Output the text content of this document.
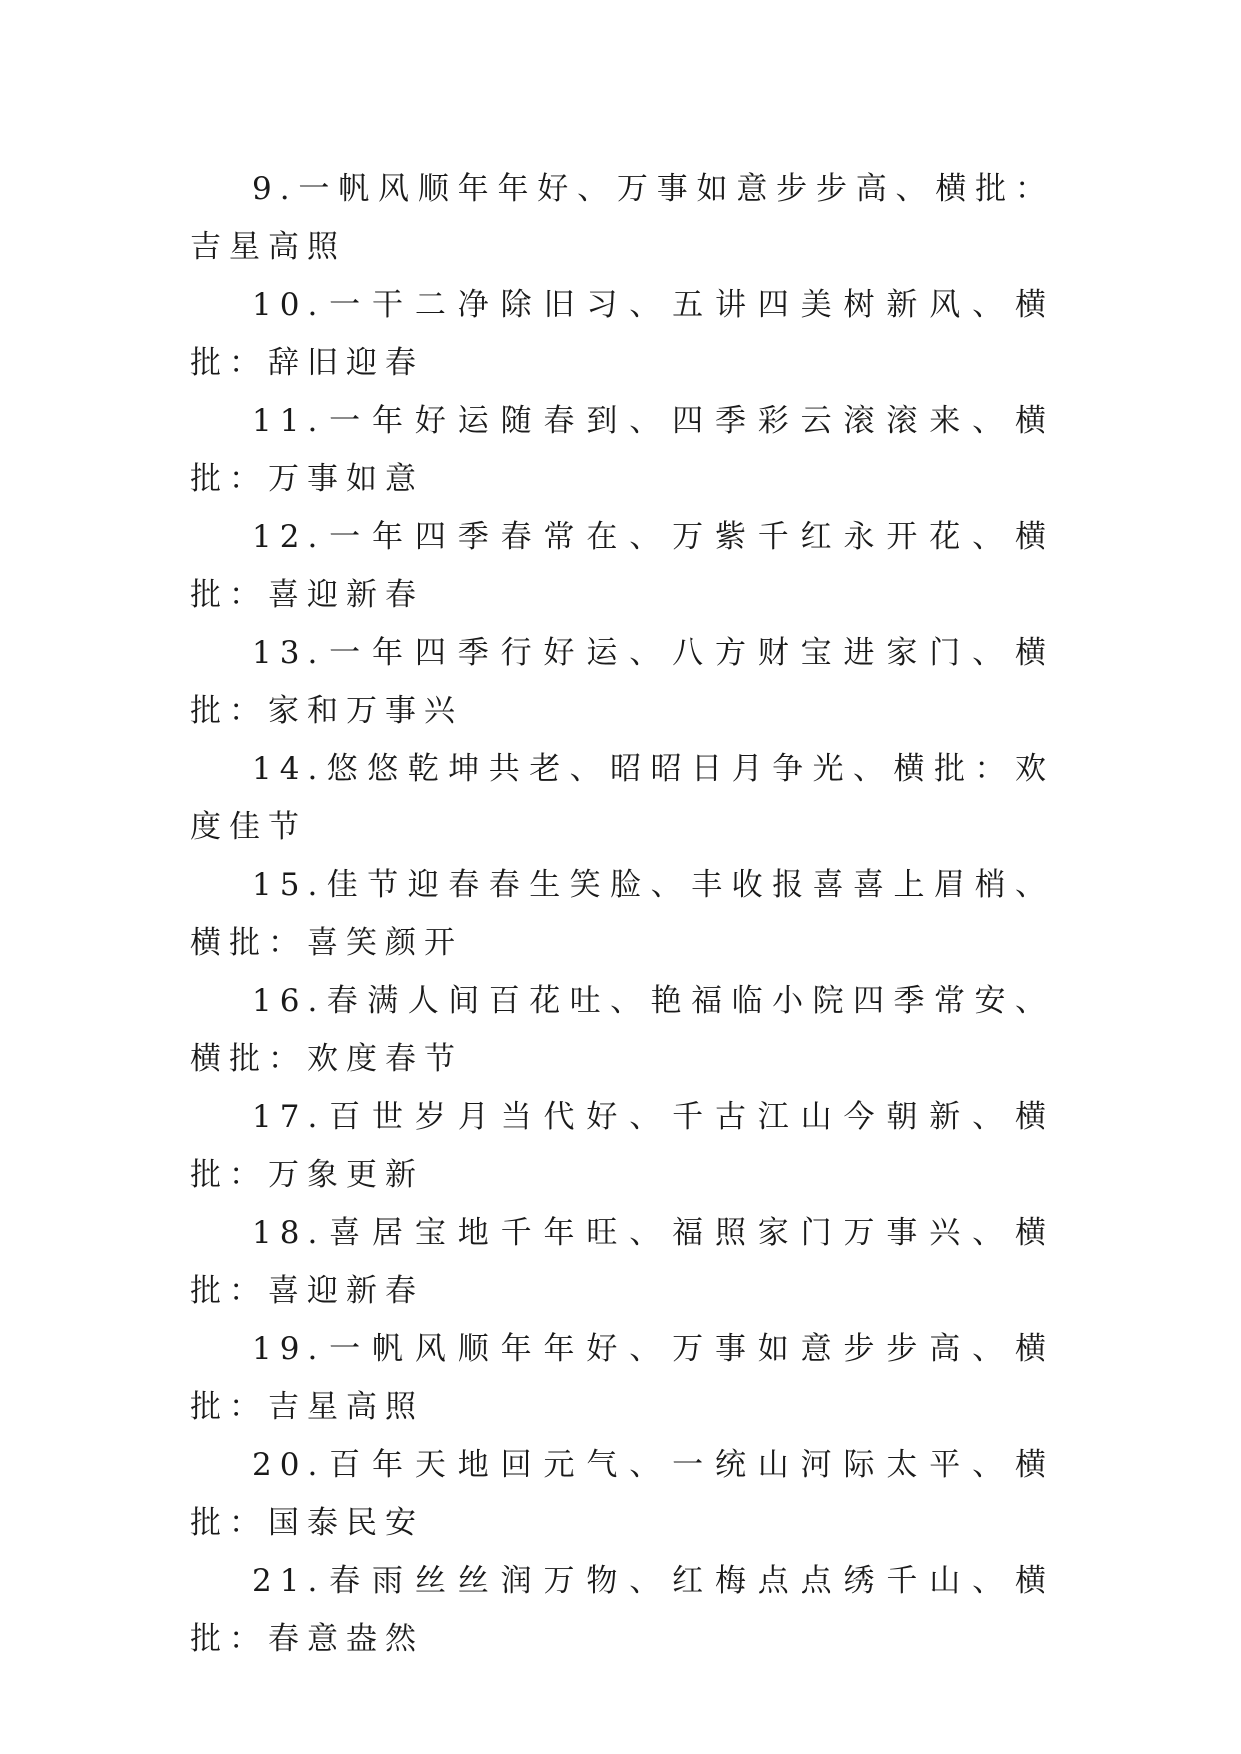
9.一帆风顺年年好、万事如意步步高、横批：吉星高照

10.一干二净除旧习、五讲四美树新风、横批：辞旧迎春

11.一年好运随春到、四季彩云滚滚来、横批：万事如意

12.一年四季春常在、万紫千红永开花、横批：喜迎新春

13.一年四季行好运、八方财宝进家门、横批：家和万事兴

14.悠悠乾坤共老、昭昭日月争光、横批：欢度佳节

15.佳节迎春春生笑脸、丰收报喜喜上眉梢、横批：喜笑颜开

16.春满人间百花吐、艳福临小院四季常安、横批：欢度春节

17.百世岁月当代好、千古江山今朝新、横批：万象更新

18.喜居宝地千年旺、福照家门万事兴、横批：喜迎新春

19.一帆风顺年年好、万事如意步步高、横批：吉星高照

20.百年天地回元气、一统山河际太平、横批：国泰民安

21.春雨丝丝润万物、红梅点点绣千山、横批：春意盎然
